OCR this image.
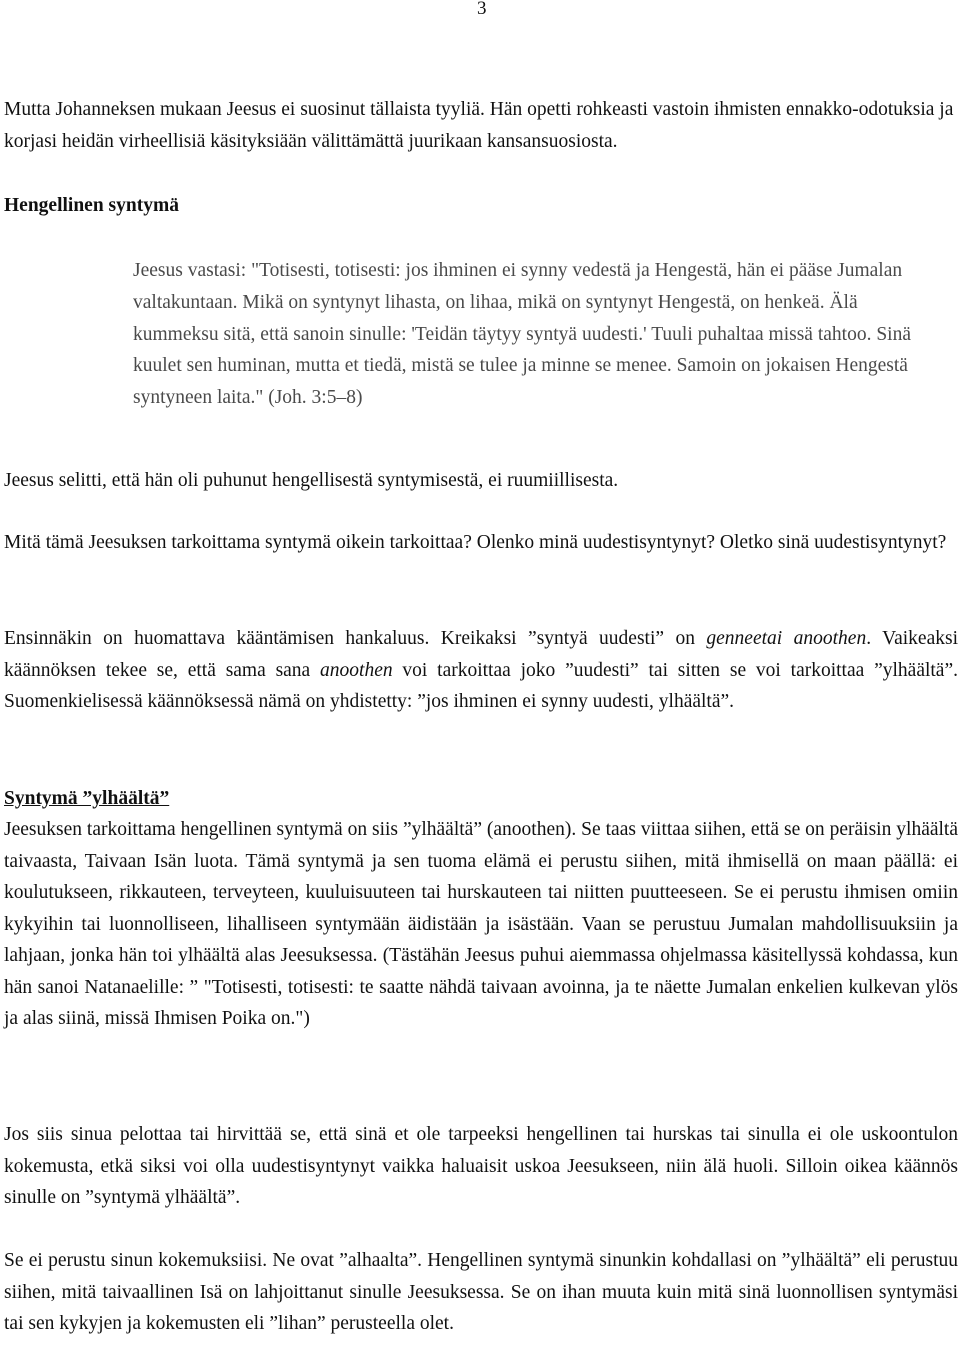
3

Mutta Johanneksen mukaan Jeesus ei suosinut tällaista tyyliä. Hän opetti rohkeasti vastoin ihmisten ennakko-odotuksia ja korjasi heidän virheellisiä käsityksiään välittämättä juurikaan kansansuosiosta.

Hengellinen syntymä

Jeesus vastasi: "Totisesti, totisesti: jos ihminen ei synny vedestä ja Hengestä, hän ei pääse Jumalan valtakuntaan. Mikä on syntynyt lihasta, on lihaa, mikä on syntynyt Hengestä, on henkeä. Älä kummeksu sitä, että sanoin sinulle: 'Teidän täytyy syntyä uudesti.' Tuuli puhaltaa missä tahtoo. Sinä kuulet sen huminan, mutta et tiedä, mistä se tulee ja minne se menee. Samoin on jokaisen Hengestä syntyneen laita." (Joh. 3:5–8)

Jeesus selitti, että hän oli puhunut hengellisestä syntymisestä, ei ruumiillisesta.

Mitä tämä Jeesuksen tarkoittama syntymä oikein tarkoittaa? Olenko minä uudestisyntynyt? Oletko sinä uudestisyntynyt?

Ensinnäkin on huomattava kääntämisen hankaluus. Kreikaksi ”syntyä uudesti” on genneetai anoothen. Vaikeaksi käännöksen tekee se, että sama sana anoothen voi tarkoittaa joko ”uudesti” tai sitten se voi tarkoittaa ”ylhäältä”. Suomenkielisessä käännöksessä nämä on yhdistetty: ”jos ihminen ei synny uudesti, ylhäältä”.

Syntymä ”ylhäältä”

Jeesuksen tarkoittama hengellinen syntymä on siis ”ylhäältä” (anoothen). Se taas viittaa siihen, että se on peräisin ylhäältä taivaasta, Taivaan Isän luota. Tämä syntymä ja sen tuoma elämä ei perustu siihen, mitä ihmisellä on maan päällä: ei koulutukseen, rikkauteen, terveyteen, kuuluisuuteen tai hurskauteen tai niitten puutteeseen. Se ei perustu ihmisen omiin kykyihin tai luonnolliseen, lihalliseen syntymään äidistään ja isästään. Vaan se perustuu Jumalan mahdollisuuksiin ja lahjaan, jonka hän toi ylhäältä alas Jeesuksessa. (Tästähän Jeesus puhui aiemmassa ohjelmassa käsitellyssä kohdassa, kun hän sanoi Natanaelille: ” "Totisesti, totisesti: te saatte nähdä taivaan avoinna, ja te näette Jumalan enkelien kulkevan ylös ja alas siinä, missä Ihmisen Poika on.")

Jos siis sinua pelottaa tai hirvittää se, että sinä et ole tarpeeksi hengellinen tai hurskas tai sinulla ei ole uskoontulon kokemusta, etkä siksi voi olla uudestisyntynyt vaikka haluaisit uskoa Jeesukseen, niin älä huoli. Silloin oikea käännös sinulle on ”syntymä ylhäältä”.

Se ei perustu sinun kokemuksiisi. Ne ovat ”alhaalta”. Hengellinen syntymä sinunkin kohdallasi on ”ylhäältä” eli perustuu siihen, mitä taivaallinen Isä on lahjoittanut sinulle Jeesuksessa. Se on ihan muuta kuin mitä sinä luonnollisen syntymäsi tai sen kykyjen ja kokemusten eli ”lihan” perusteella olet.
